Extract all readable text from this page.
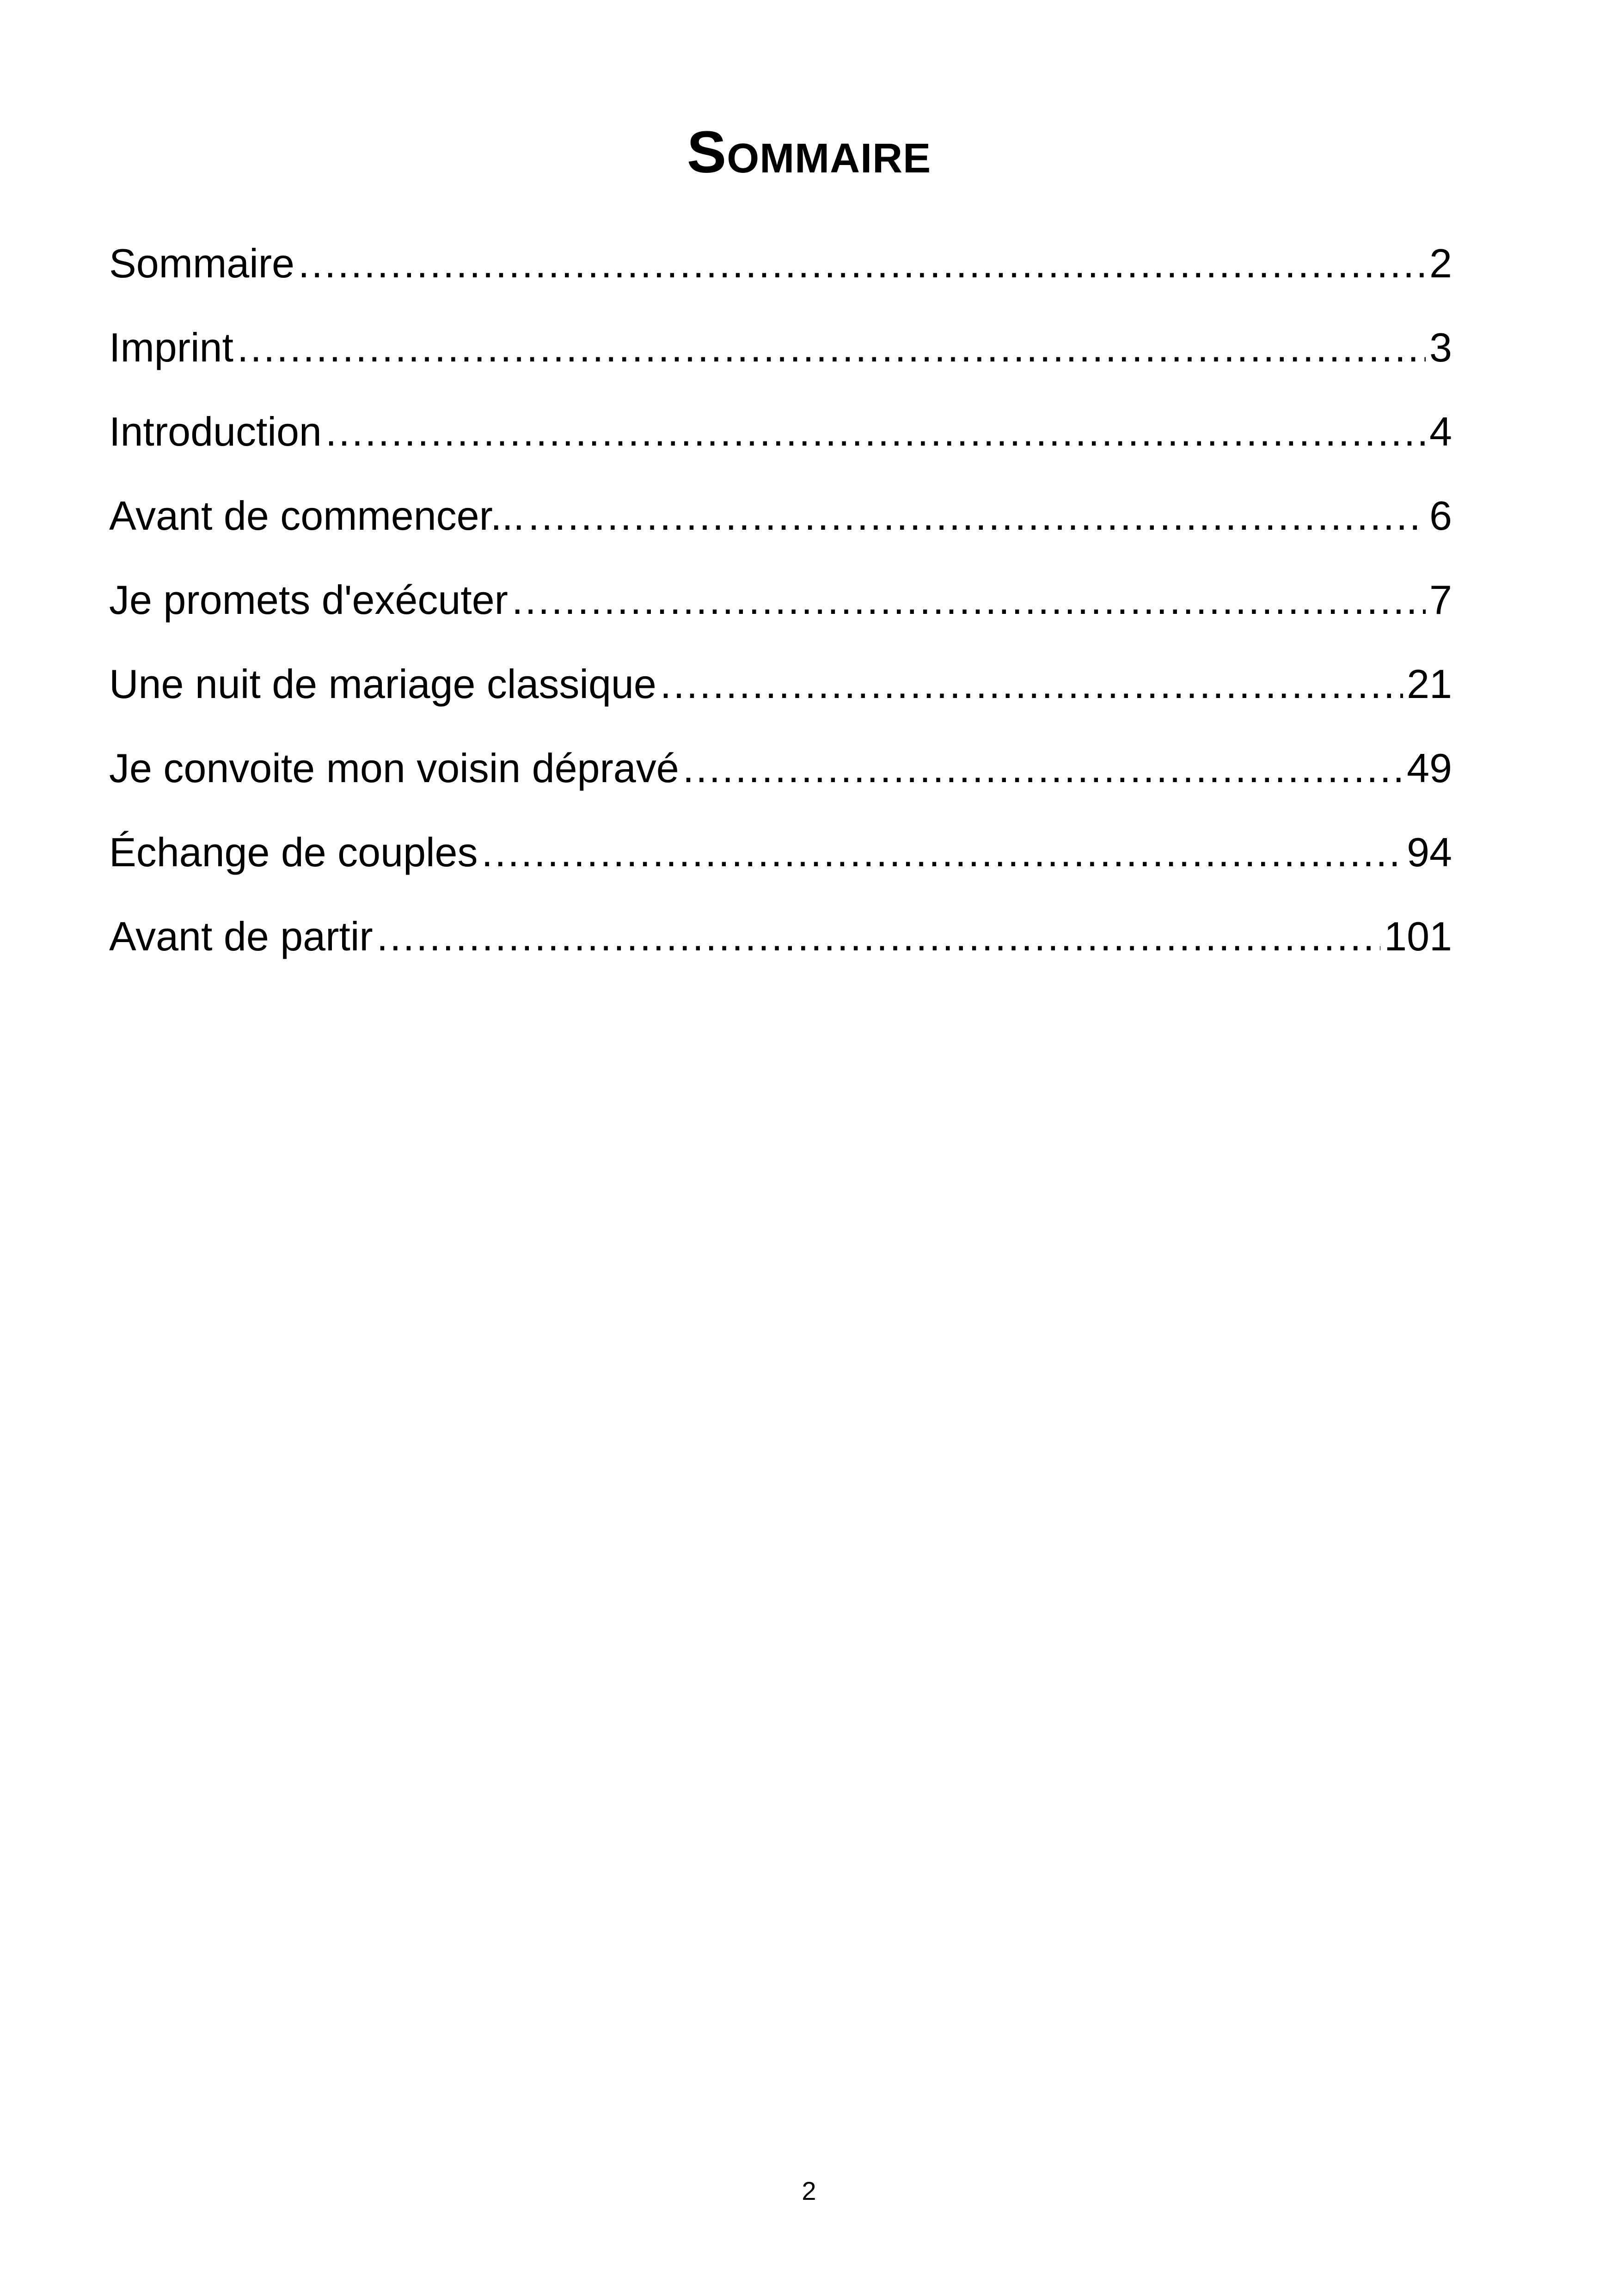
Sommaire
Sommaire .....	2
Imprint .....	3
Introduction .....	4
Avant de commencer... .....	6
Je promets d'exécuter .....	7
Une nuit de mariage classique .....	21
Je convoite mon voisin dépravé .....	49
Échange de couples .....	94
Avant de partir .....	101
2
